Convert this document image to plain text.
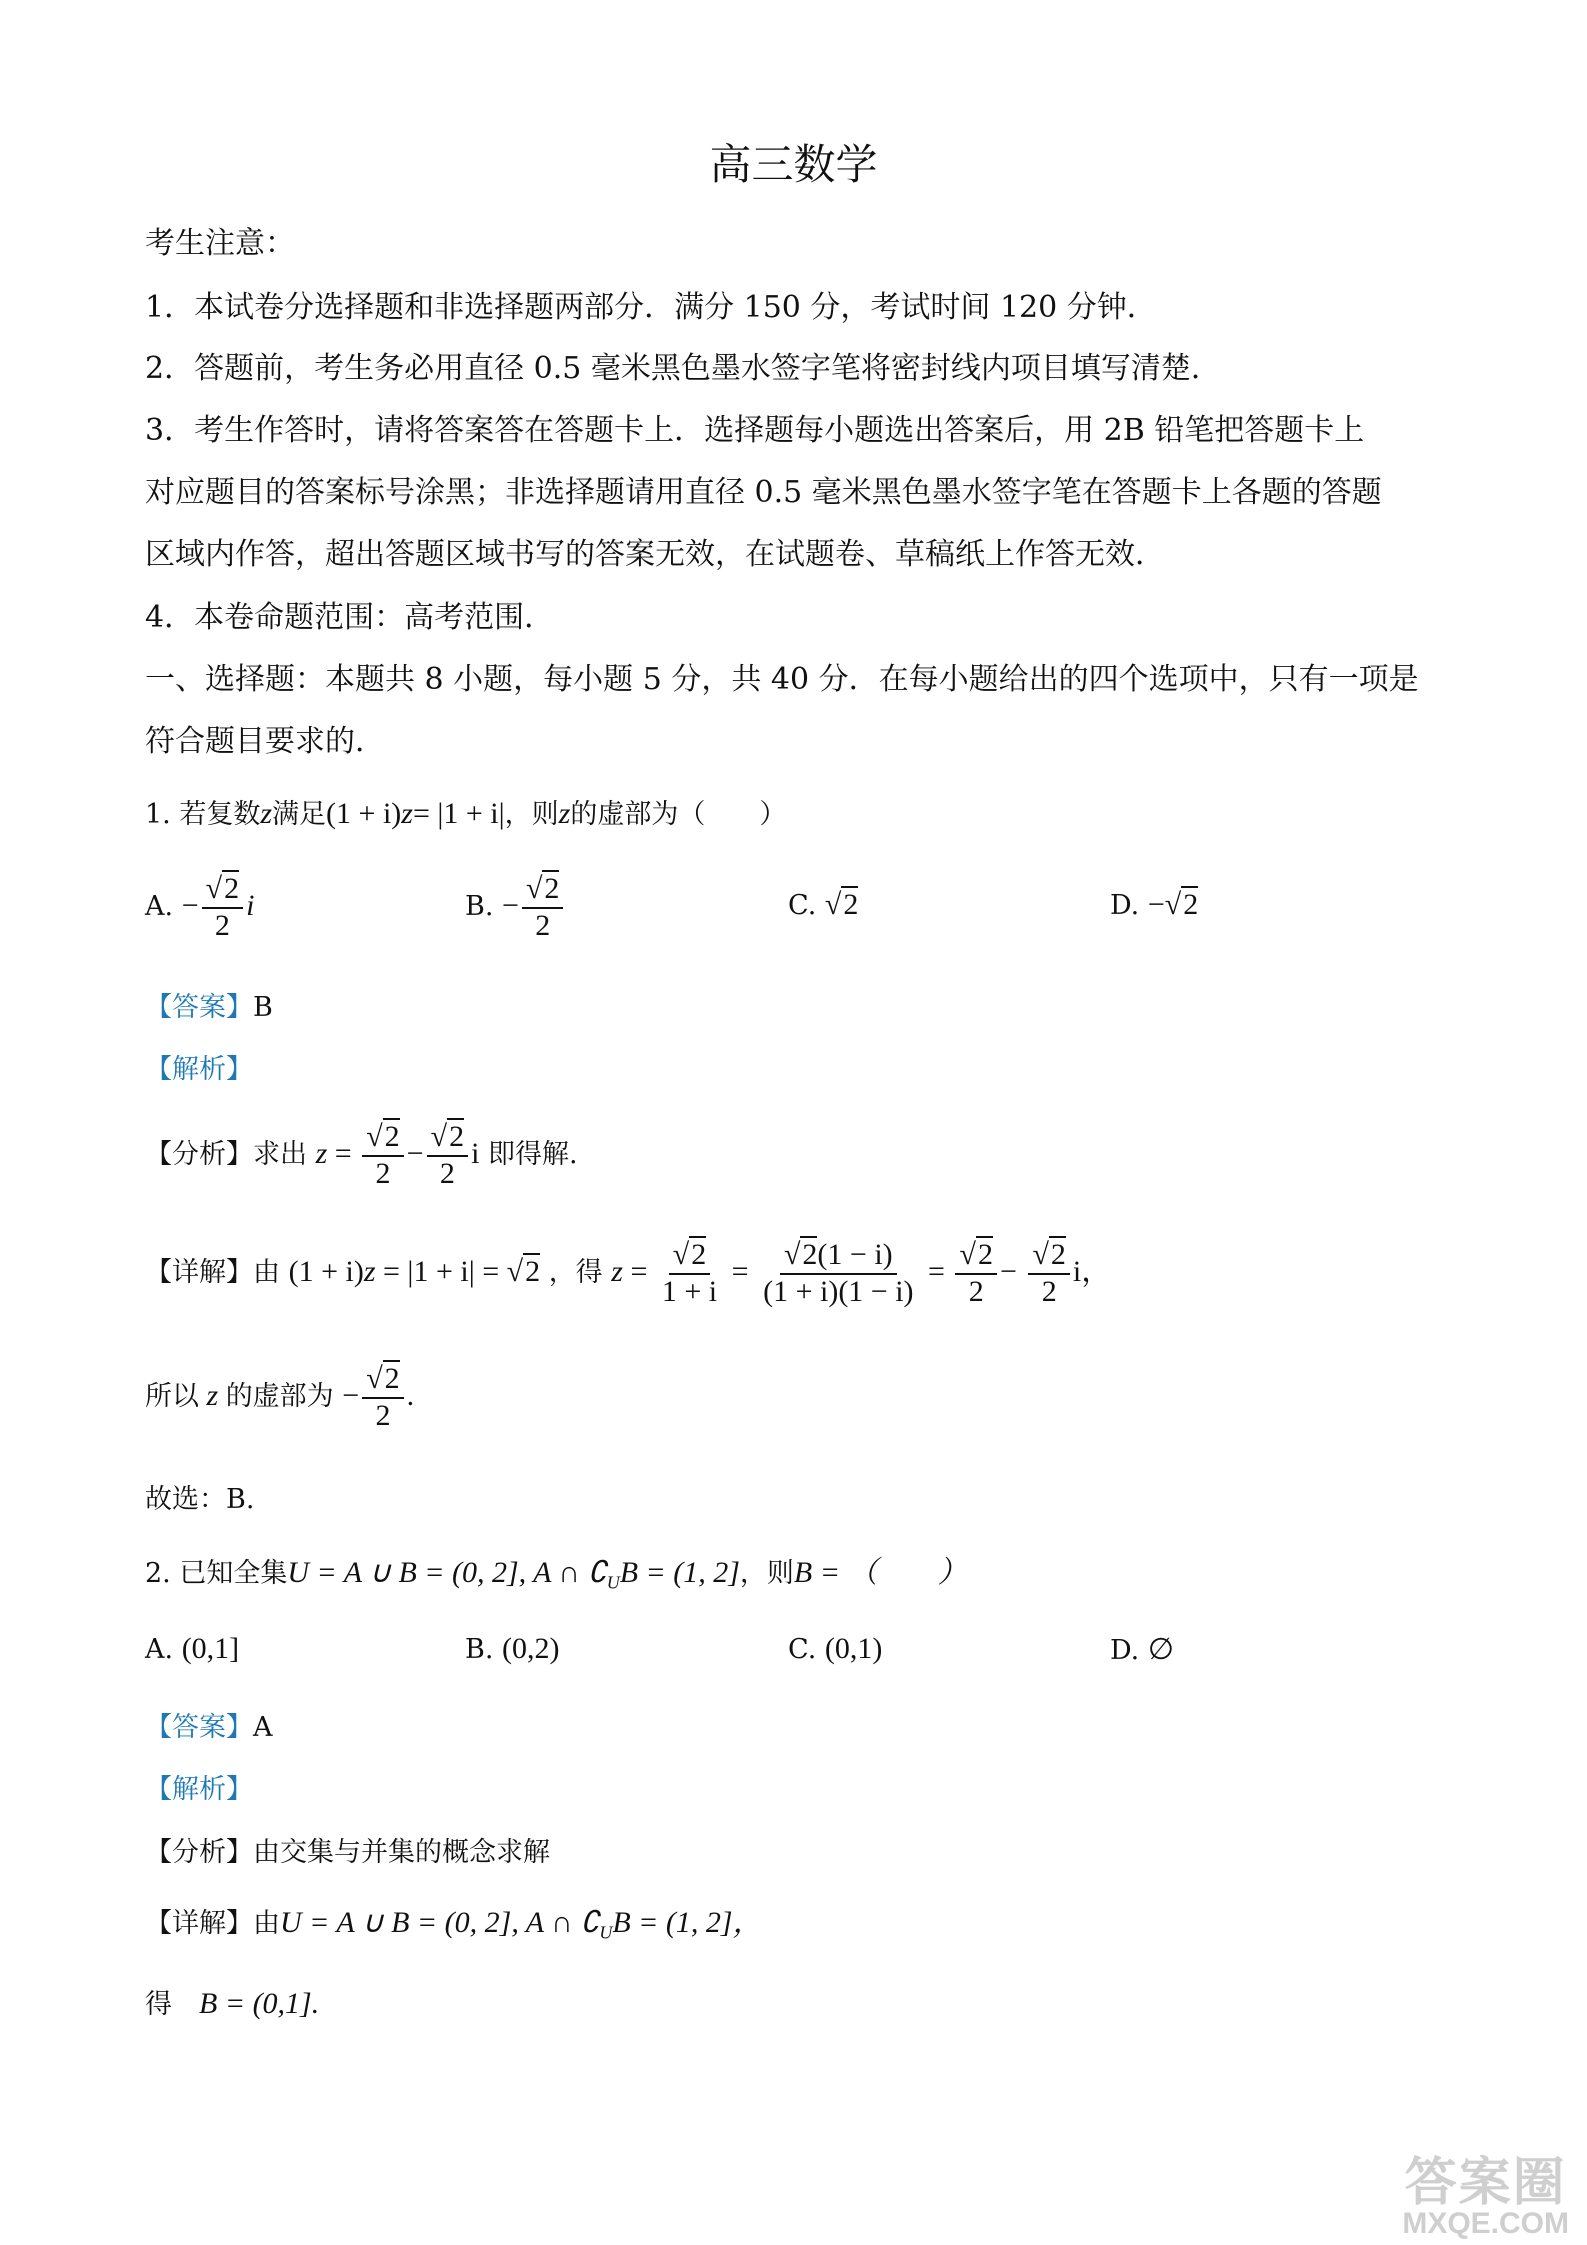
高三数学
考生注意：
1．本试卷分选择题和非选择题两部分．满分 150 分，考试时间 120 分钟．
2．答题前，考生务必用直径 0.5 毫米黑色墨水签字笔将密封线内项目填写清楚．
3．考生作答时，请将答案答在答题卡上．选择题每小题选出答案后，用 2B 铅笔把答题卡上
对应题目的答案标号涂黑；非选择题请用直径 0.5 毫米黑色墨水签字笔在答题卡上各题的答题
区域内作答，超出答题区域书写的答案无效，在试题卷、草稿纸上作答无效．
4．本卷命题范围：高考范围．
一、选择题：本题共 8 小题，每小题 5 分，共 40 分．在每小题给出的四个选项中，只有一项是
符合题目要求的．
1. 若复数z满足(1 + i)z= |1 + i|，则z的虚部为（　　）
A. − $\frac{√2}{2}$ i	B. − $\frac{√2}{2}$	C. √2	D. −√2
【答案】B
【解析】
【分析】求出 $z = \frac{√2}{2} - \frac{√2}{2}$ i 即得解.
【详解】由 (1 + i)z = |1 + i| = √2 ，得 $z = \frac{√2}{1 + i} = \frac{√2(1 - i)}{(1 + i)(1 - i)} = \frac{√2}{2} - \frac{√2}{2}$ i，
所以 z 的虚部为 − $\frac{√2}{2}$ .
故选：B.
2. 已知全集U = A ∪ B = (0, 2], A ∩ $∁_UB = (1$, 2]，则B = （　　）
A. (0,1]	B. (0,2)	C. (0,1)	D. ∅
【答案】A
【解析】
【分析】由交集与并集的概念求解
【详解】由U = A ∪ B = (0, 2], A ∩ $∁_UB = (1$, 2]，
得　 B = (0,1].
答案圈
MXQE.COM
